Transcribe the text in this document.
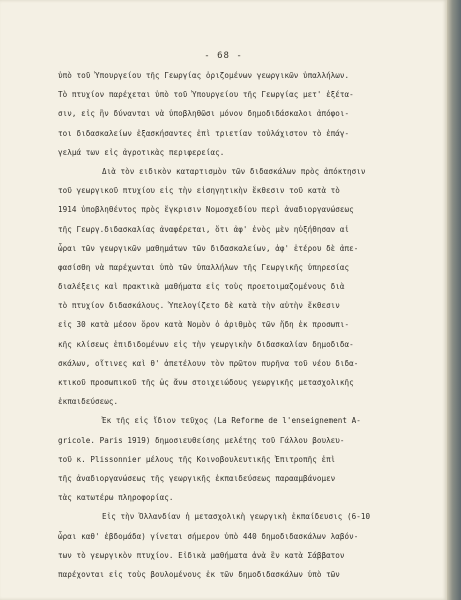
- 68 -
ὑπὸ τοῦ Ὑπουργείου τῆς Γεωργίας ὁριζομένων γεωργικῶν ὑπαλλήλων.
Τὸ πτυχίον παρέχεται ὑπὸ τοῦ Ὑπουργείου τῆς Γεωργίας μετ' ἐξέτα-
σιν, εἰς ἣν δύνανται νὰ ὑποβληθῶσι μόνον δημοδιδάσκαλοι ἀπόφοι-
τοι διδασκαλείων ἐξασκήσαντες ἐπὶ τριετίαν τοὐλάχιστον τὸ ἐπάγ-
γελμά των εἰς ἀγροτικὰς περιφερείας.
Διὰ τὸν ειδικὸν καταρτισμὸν τῶν διδασκάλων πρὸς ἀπόκτησιν
τοῦ γεωργικοῦ πτυχίου εἰς τὴν εἰσηγητικὴν ἔκθεσιν τοῦ κατὰ τὸ
1914 ὑποβληθέντος πρὸς ἔγκρισιν Νομοσχεδίου περὶ ἀναδιοργανώσεως
τῆς Γεωργ.διδασκαλίας ἀναφέρεται, ὅτι ἀφ' ἑνὸς μὲν ηὐξήθησαν αἱ
ὧραι τῶν γεωργικῶν μαθημάτων τῶν διδασκαλείων, ἀφ' ἑτέρου δὲ ἀπε-
φασίσθη νὰ παρέχωνται ὑπὸ τῶν ὑπαλλήλων τῆς Γεωργικῆς ὑπηρεσίας
διαλέξεις καὶ πρακτικὰ μαθήματα εἰς τοὺς προετοιμαζομένους διὰ
τὸ πτυχίον διδασκάλους. Ὑπελογίζετο δὲ κατὰ τὴν αὐτὴν ἔκθεσιν
εἰς 30 κατὰ μέσον ὅρον κατὰ Νομὸν ὁ ἀριθμὸς τῶν ἤδη ἐκ προσωπι-
κῆς κλίσεως ἐπιδιδομένων εἰς τὴν γεωργικὴν διδασκαλίαν δημοδιδα-
σκάλων, οἵτινες καὶ θ' ἀπετέλουν τὸν πρῶτον πυρῆνα τοῦ νέου διδα-
κτικοῦ προσωπικοῦ τῆς ὡς ἄνω στοιχειώδους γεωργικῆς μετασχολικῆς
ἐκπαιδεύσεως.
Ἐκ τῆς εἰς ἴδιον τεῦχος (La Reforme de l'enseignement A-
gricole. Paris 1919) δημοσιευθείσης μελέτης τοῦ Γάλλου βουλευ-
τοῦ κ. Plissonnier μέλους τῆς Κοινοβουλευτικῆς Ἐπιτροπῆς ἐπὶ
τῆς ἀναδιοργανώσεως τῆς γεωργικῆς ἐκπαιδεύσεως παρααμβάνομεν
τὰς κατωτέρω πληροφορίας.
Εἰς τὴν Ὁλλανδίαν ἡ μετασχολικὴ γεωργικὴ ἐκπαίδευσις (6-10
ὧραι καθ' ἑβδομάδα) γίνεται σήμερον ὑπὸ 440 δημοδιδασκάλων λαβόν-
των τὸ γεωργικὸν πτυχίον. Εἰδικὰ μαθήματα ἀνὰ ἓν κατὰ Σάββατον
παρέχονται εἰς τοὺς βουλομένους ἐκ τῶν δημοδιδασκάλων ὑπὸ τῶν
